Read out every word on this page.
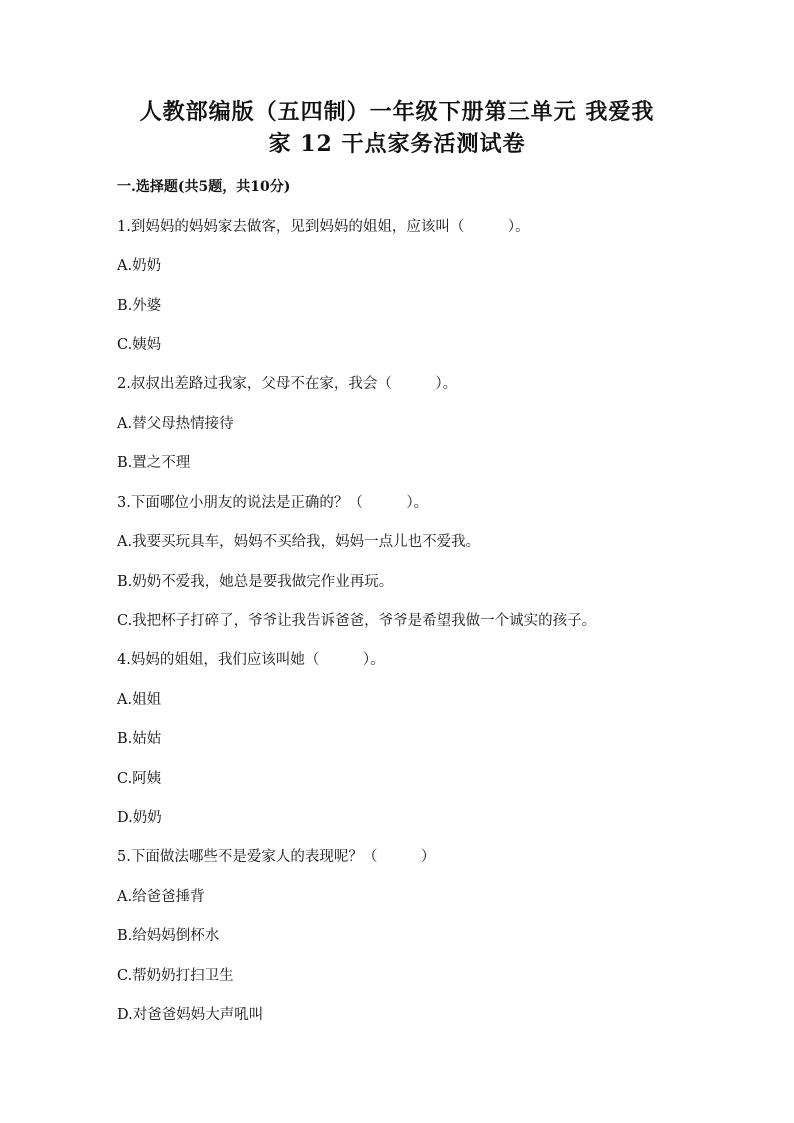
人教部编版（五四制）一年级下册第三单元 我爱我
家 12 干点家务活测试卷
一.选择题(共5题，共10分)
1.到妈妈的妈妈家去做客，见到妈妈的姐姐，应该叫（　　　）。
A.奶奶
B.外婆
C.姨妈
2.叔叔出差路过我家，父母不在家，我会（　　　）。
A.替父母热情接待
B.置之不理
3.下面哪位小朋友的说法是正确的？（　　　）。
A.我要买玩具车，妈妈不买给我，妈妈一点儿也不爱我。
B.奶奶不爱我，她总是要我做完作业再玩。
C.我把杯子打碎了，爷爷让我告诉爸爸，爷爷是希望我做一个诚实的孩子。
4.妈妈的姐姐，我们应该叫她（　　　）。
A.姐姐
B.姑姑
C.阿姨
D.奶奶
5.下面做法哪些不是爱家人的表现呢？（　　　）
A.给爸爸捶背
B.给妈妈倒杯水
C.帮奶奶打扫卫生
D.对爸爸妈妈大声吼叫
